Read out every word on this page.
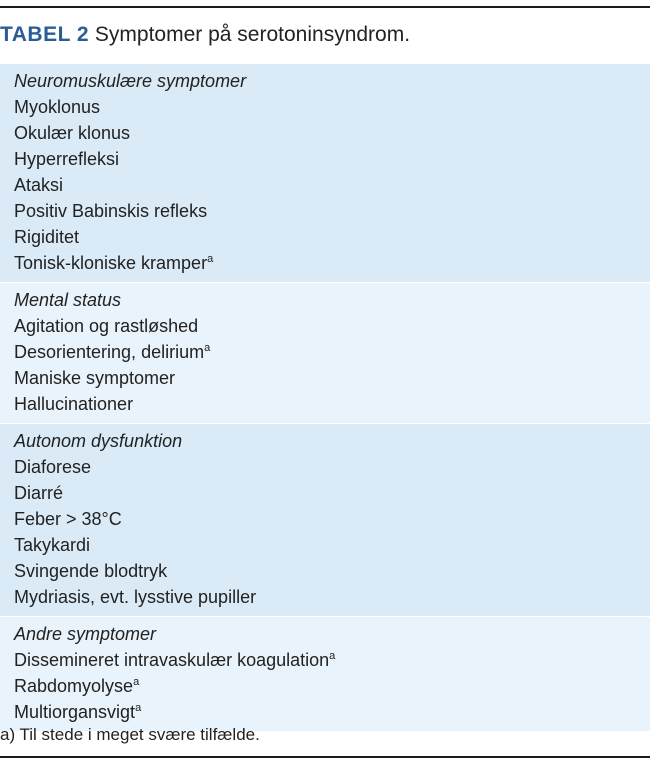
TABEL 2 Symptomer på serotoninsyndrom.
Neuromuskulære symptomer
Myoklonus
Okulær klonus
Hyperrefleksi
Ataksi
Positiv Babinskis refleks
Rigiditet
Tonisk-kloniske kramper$^a$
Mental status
Agitation og rastløshed
Desorientering, delirium$^a$
Maniske symptomer
Hallucinationer
Autonom dysfunktion
Diaforese
Diarré
Feber > 38°C
Takykardi
Svingende blodtryk
Mydriasis, evt. lysstive pupiller
Andre symptomer
Dissemineret intravaskulær koagulation$^a$
Rabdomyolyse$^a$
Multiorgansvigt$^a$
a) Til stede i meget svære tilfælde.
